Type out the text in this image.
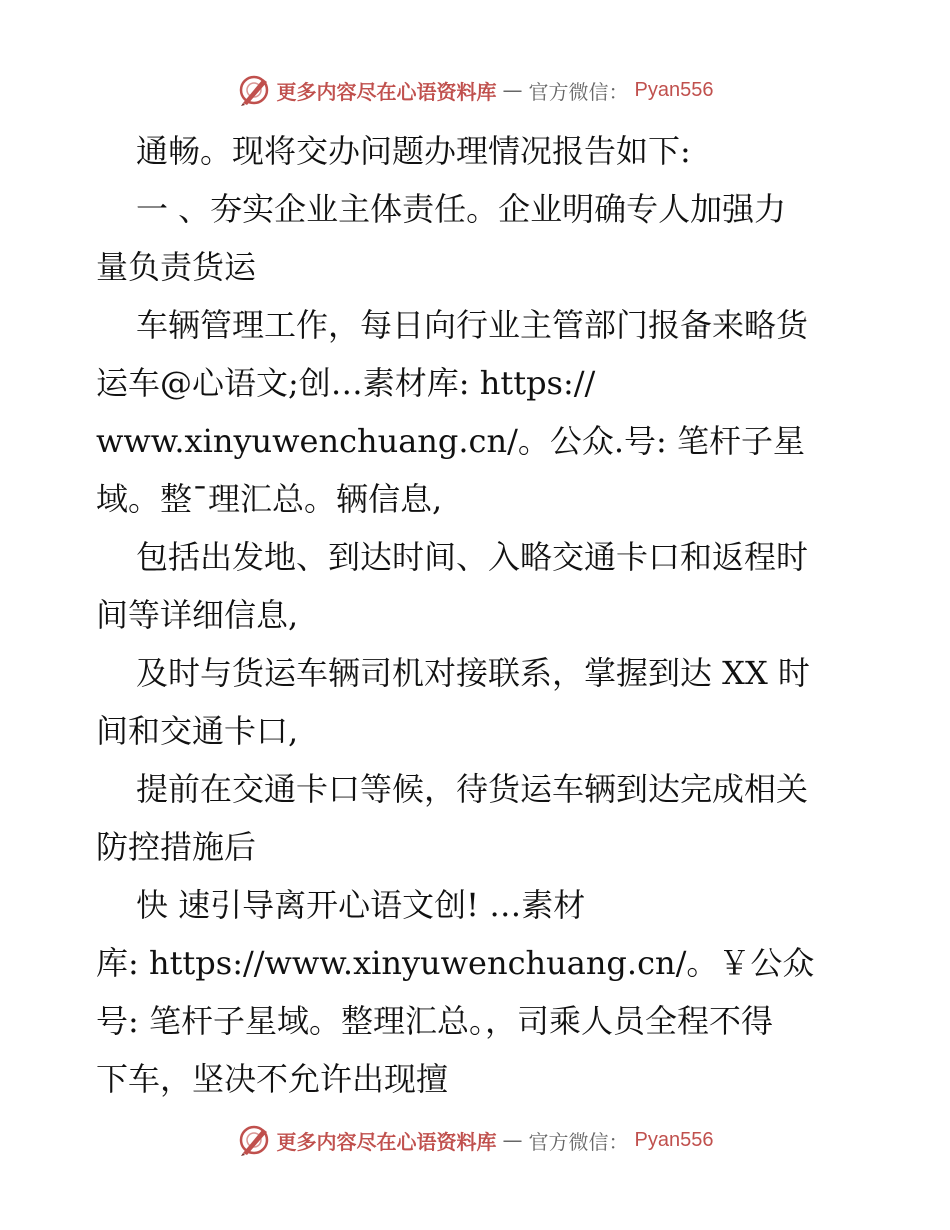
更多内容尽在心语资料库 — 官方微信： Pyan556
通畅。现将交办问题办理情况报告如下:
一 、夯实企业主体责任。企业明确专人加强力
量负责货运
车辆管理工作，每日向行业主管部门报备来略货
运车@心语文;创…素材库: https://
www.xinyuwenchuang.cn/。公众.号: 笔杆子星
域。整¯理汇总。辆信息,
包括出发地、到达时间、入略交通卡口和返程时
间等详细信息,
及时与货运车辆司机对接联系，掌握到达 XX 时
间和交通卡口,
提前在交通卡口等候，待货运车辆到达完成相关
防控措施后
快 速引导离开心语文创! …素材
库: https://www.xinyuwenchuang.cn/。￥公众
号: 笔杆子星域。整理汇总。，司乘人员全程不得
下车，坚决不允许出现擅
更多内容尽在心语资料库 — 官方微信： Pyan556
